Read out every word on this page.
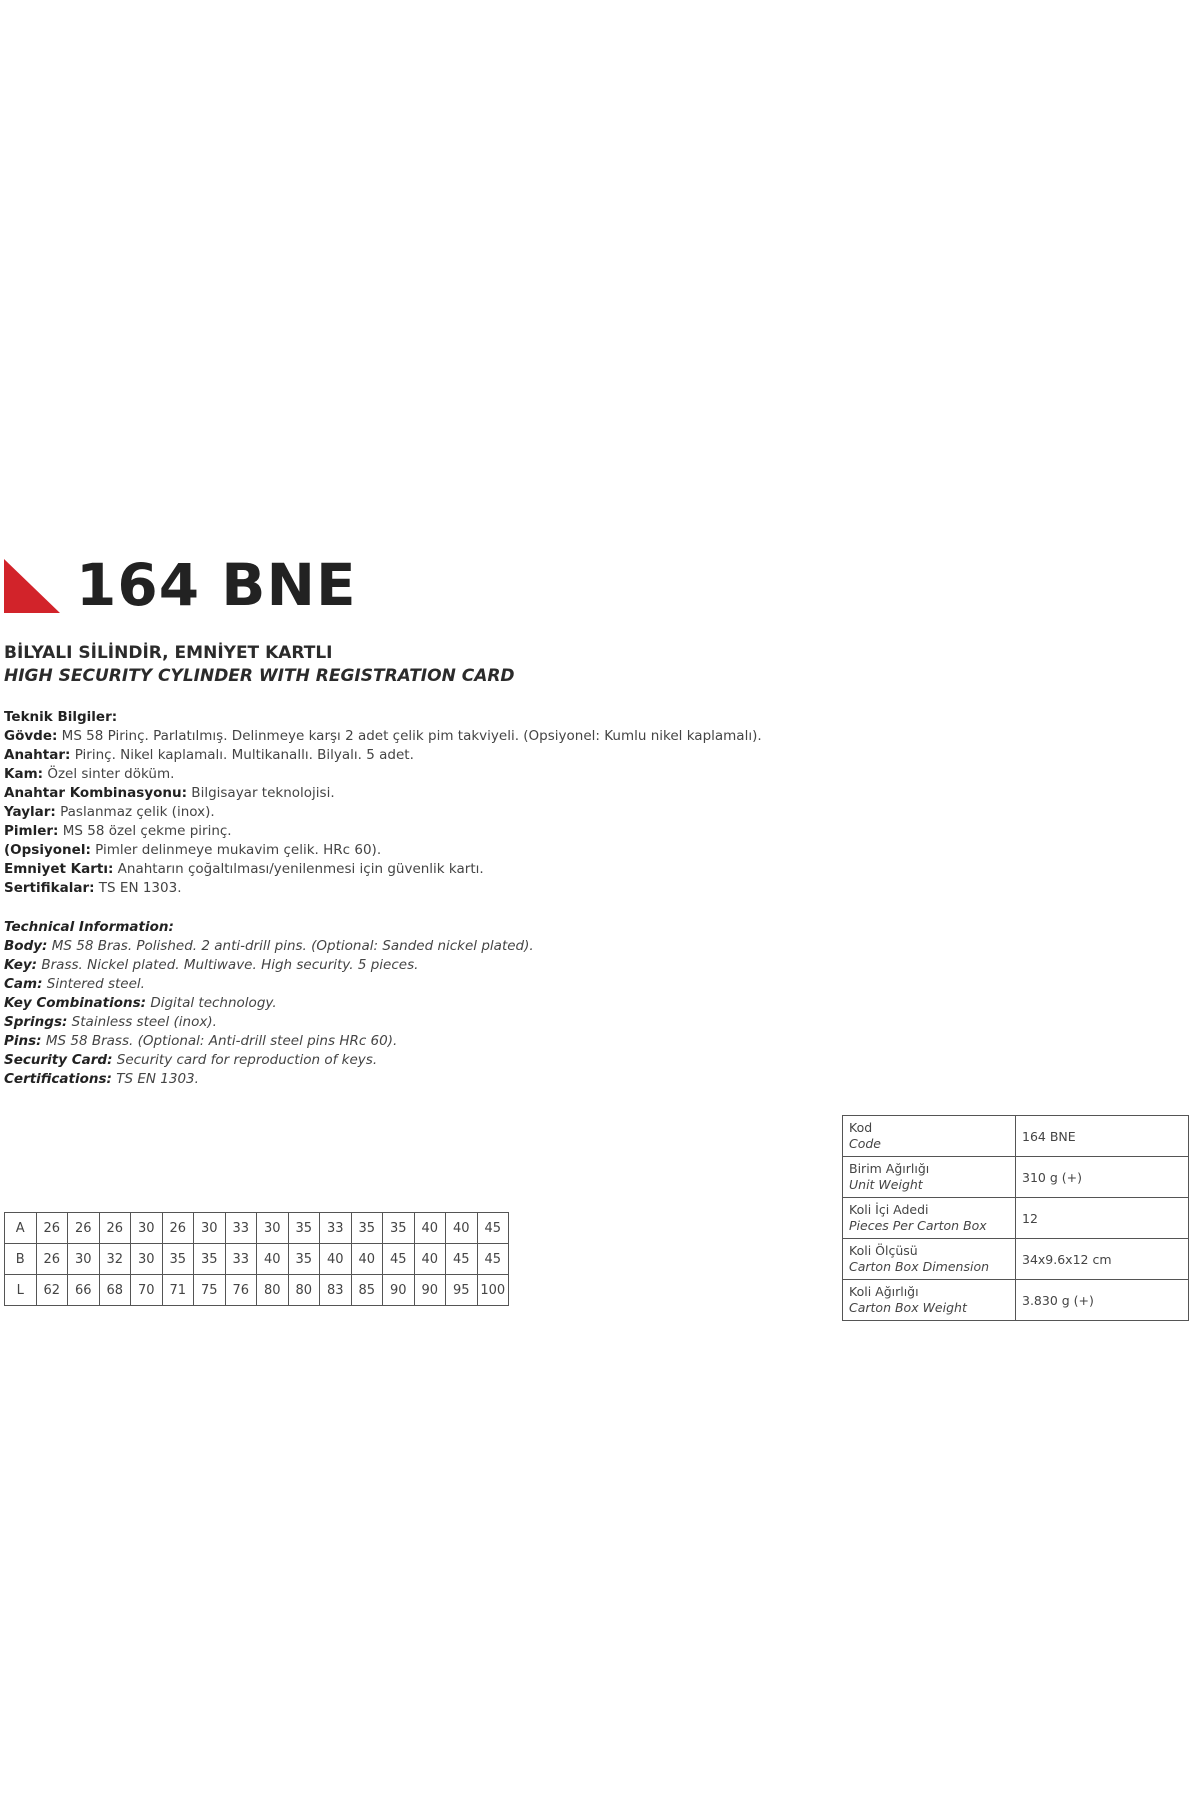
164 BNE
BİLYALI SİLİNDİR, EMNİYET KARTLI
HIGH SECURITY CYLINDER WITH REGISTRATION CARD
Teknik Bilgiler:
Gövde: MS 58 Pirinç. Parlatılmış. Delinmeye karşı 2 adet çelik pim takviyeli. (Opsiyonel: Kumlu nikel kaplamalı).
Anahtar: Pirinç. Nikel kaplamalı. Multikanallı. Bilyalı. 5 adet.
Kam: Özel sinter döküm.
Anahtar Kombinasyonu: Bilgisayar teknolojisi.
Yaylar: Paslanmaz çelik (inox).
Pimler: MS 58 özel çekme pirinç.
(Opsiyonel: Pimler delinmeye mukavim çelik. HRc 60).
Emniyet Kartı: Anahtarın çoğaltılması/yenilenmesi için güvenlik kartı.
Sertifikalar: TS EN 1303.
Technical Information:
Body: MS 58 Bras. Polished. 2 anti-drill pins. (Optional: Sanded nickel plated).
Key: Brass. Nickel plated. Multiwave. High security. 5 pieces.
Cam: Sintered steel.
Key Combinations: Digital technology.
Springs: Stainless steel (inox).
Pins: MS 58 Brass. (Optional: Anti-drill steel pins HRc 60).
Security Card: Security card for reproduction of keys.
Certifications: TS EN 1303.
A	26	26	26	30	26	30	33	30	35	33	35	35	40	40	45
B	26	30	32	30	35	35	33	40	35	40	40	45	40	45	45
L	62	66	68	70	71	75	76	80	80	83	85	90	90	95	100
Kod
Code	164 BNE

Birim Ağırlığı
Unit Weight	310 g (+)

Koli İçi Adedi
Pieces Per Carton Box	12

Koli Ölçüsü
Carton Box Dimension	34x9.6x12 cm

Koli Ağırlığı
Carton Box Weight	3.830 g (+)
